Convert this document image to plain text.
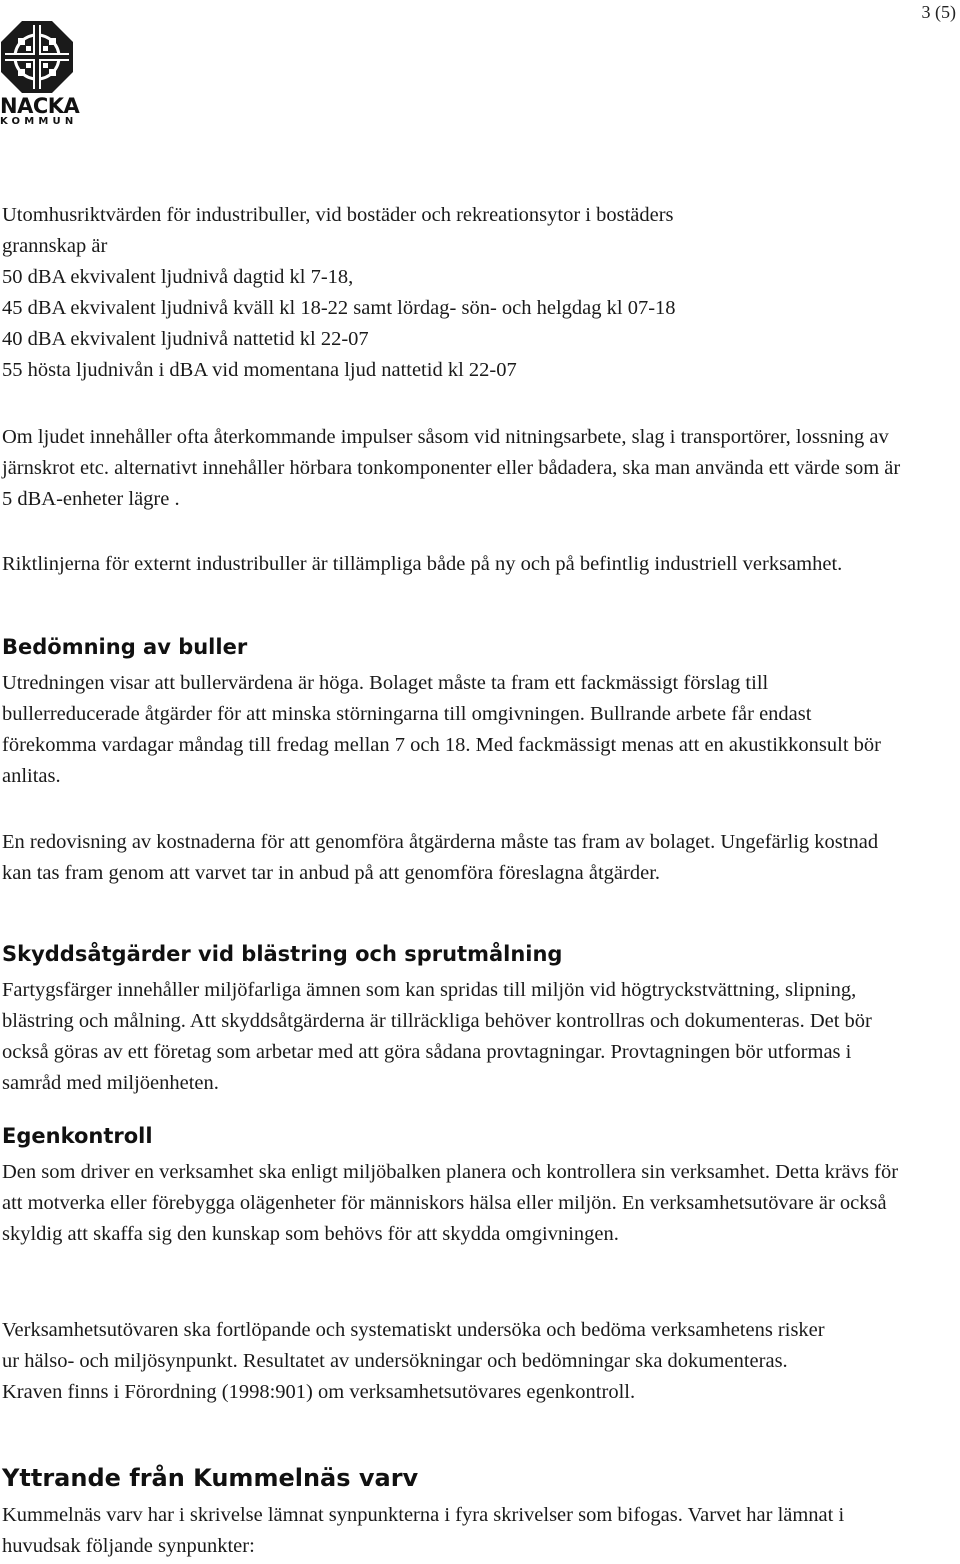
3 (5)
NACKA
KOMMUN

Utomhusriktvärden för industribuller, vid bostäder och rekreationsytor i bostäders

grannskap är

50 dBA ekvivalent ljudnivå dagtid kl 7-18,

45 dBA ekvivalent ljudnivå kväll kl 18-22 samt lördag- sön- och helgdag kl 07-18

40 dBA ekvivalent ljudnivå nattetid kl 22-07

55 hösta ljudnivån i dBA vid momentana ljud nattetid kl 22-07

Om ljudet innehåller ofta återkommande impulser såsom vid nitningsarbete, slag i transportörer, lossning av järnskrot etc. alternativt innehåller hörbara tonkomponenter eller bådadera, ska man använda ett värde som är 5 dBA-enheter lägre .

Riktlinjerna för externt industribuller är tillämpliga både på ny och på befintlig industriell verksamhet.

Bedömning av buller

Utredningen visar att bullervärdena är höga. Bolaget måste ta fram ett fackmässigt förslag till bullerreducerade åtgärder för att minska störningarna till omgivningen. Bullrande arbete får endast förekomma vardagar måndag till fredag mellan 7 och 18. Med fackmässigt menas att en akustikkonsult bör anlitas.

En redovisning av kostnaderna för att genomföra åtgärderna måste tas fram av bolaget. Ungefärlig kostnad kan tas fram genom att varvet tar in anbud på att genomföra föreslagna åtgärder.

Skyddsåtgärder vid blästring och sprutmålning

Fartygsfärger innehåller miljöfarliga ämnen som kan spridas till miljön vid högtryckstvättning, slipning, blästring och målning. Att skyddsåtgärderna är tillräckliga behöver kontrollras och dokumenteras. Det bör också göras av ett företag som arbetar med att göra sådana provtagningar. Provtagningen bör utformas i samråd med miljöenheten.

Egenkontroll

Den som driver en verksamhet ska enligt miljöbalken planera och kontrollera sin verksamhet. Detta krävs för att motverka eller förebygga olägenheter för människors hälsa eller miljön. En verksamhetsutövare är också skyldig att skaffa sig den kunskap som behövs för att skydda omgivningen.

Verksamhetsutövaren ska fortlöpande och systematiskt undersöka och bedöma verksamhetens risker ur hälso- och miljösynpunkt. Resultatet av undersökningar och bedömningar ska dokumenteras. Kraven finns i Förordning (1998:901) om verksamhetsutövares egenkontroll.

Yttrande från Kummelnäs varv

Kummelnäs varv har i skrivelse lämnat synpunkterna i fyra skrivelser som bifogas. Varvet har lämnat i huvudsak följande synpunkter:
